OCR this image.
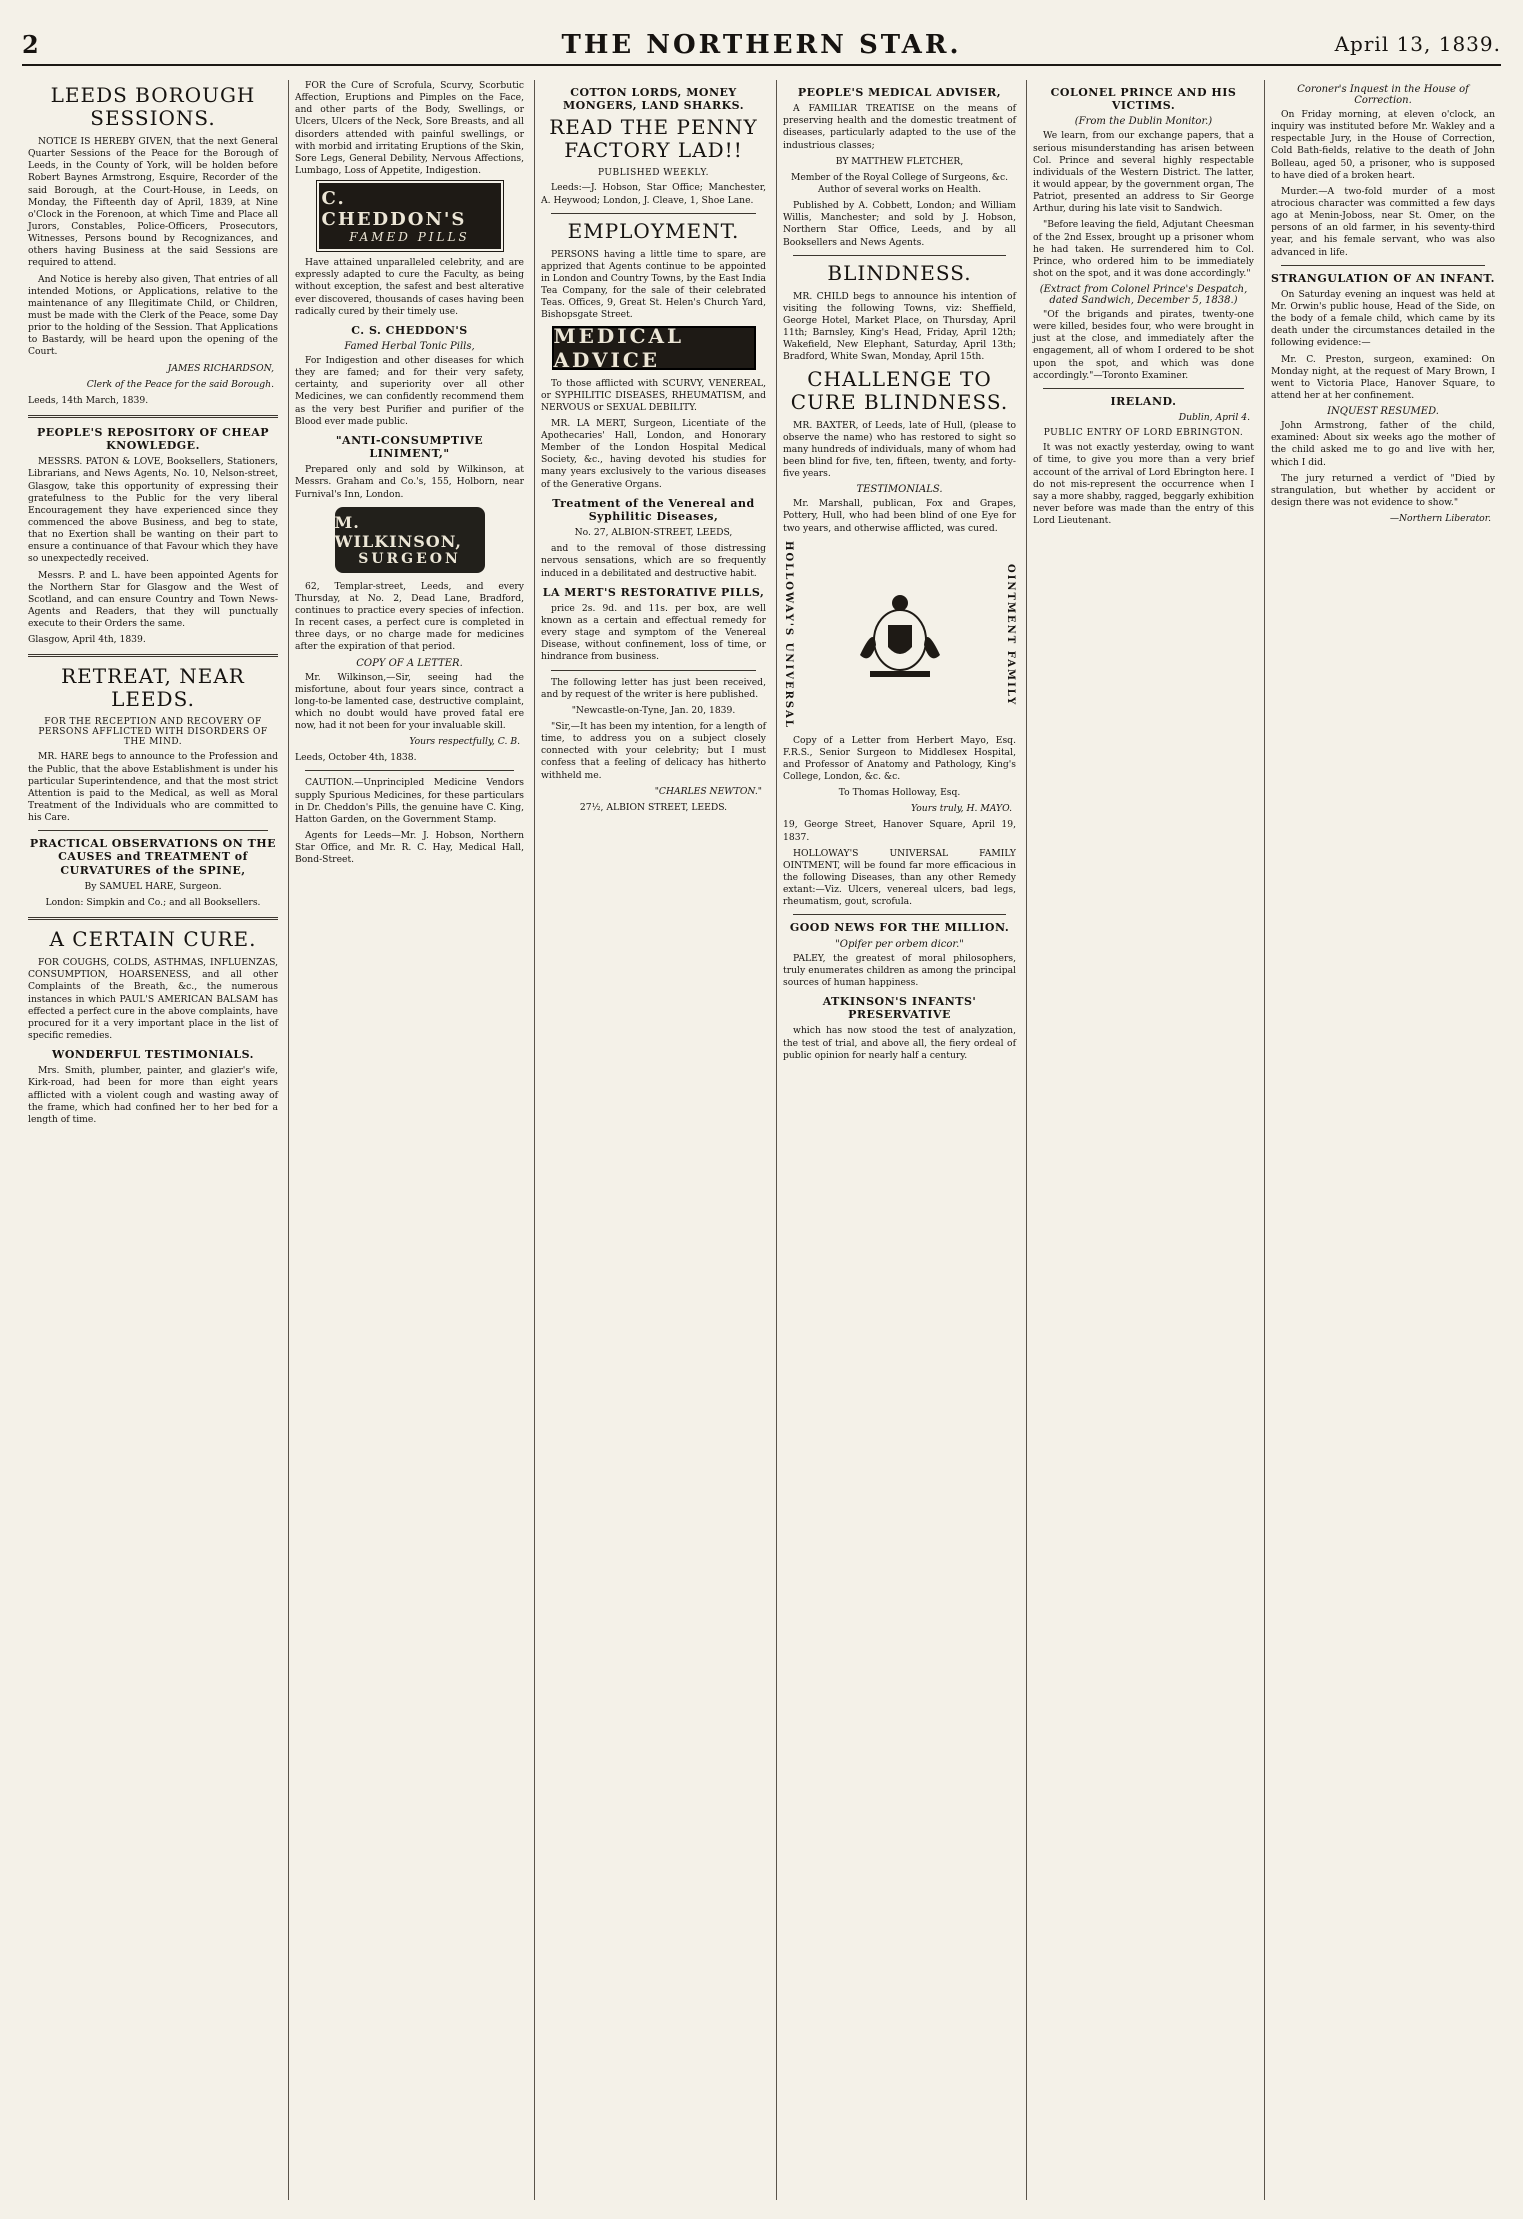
2	THE NORTHERN STAR.	April 13, 1839.
LEEDS BOROUGH SESSIONS.

NOTICE IS HEREBY GIVEN, that the next General Quarter Sessions of the Peace for the Borough of Leeds, in the County of York, will be holden before Robert Baynes Armstrong, Esquire, Recorder of the said Borough, at the Court-House, in Leeds, on Monday, the Fifteenth day of April, 1839, at Nine o'Clock in the Forenoon, at which Time and Place all Jurors, Constables, Police-Officers, Prosecutors, Witnesses, Persons bound by Recognizances, and others having Business at the said Sessions are required to attend.

And Notice is hereby also given, That entries of all intended Motions, or Applications, relative to the maintenance of any Illegitimate Child, or Children, must be made with the Clerk of the Peace, some Day prior to the holding of the Session. That Applications to Bastardy, will be heard upon the opening of the Court.

JAMES RICHARDSON,

Clerk of the Peace for the said Borough.

Leeds, 14th March, 1839.

PEOPLE'S REPOSITORY OF CHEAP KNOWLEDGE.

MESSRS. PATON & LOVE, Booksellers, Stationers, Librarians, and News Agents, No. 10, Nelson-street, Glasgow, take this opportunity of expressing their gratefulness to the Public for the very liberal Encouragement they have experienced since they commenced the above Business, and beg to state, that no Exertion shall be wanting on their part to ensure a continuance of that Favour which they have so unexpectedly received.

Messrs. P. and L. have been appointed Agents for the Northern Star for Glasgow and the West of Scotland, and can ensure Country and Town News-Agents and Readers, that they will punctually execute to their Orders the same.

Glasgow, April 4th, 1839.

RETREAT, NEAR LEEDS.
FOR THE RECEPTION AND RECOVERY OF PERSONS AFFLICTED WITH DISORDERS OF THE MIND.

MR. HARE begs to announce to the Profession and the Public, that the above Establishment is under his particular Superintendence, and that the most strict Attention is paid to the Medical, as well as Moral Treatment of the Individuals who are committed to his Care.

PRACTICAL OBSERVATIONS ON THE CAUSES and TREATMENT of CURVATURES of the SPINE,

By SAMUEL HARE, Surgeon.

London: Simpkin and Co.; and all Booksellers.

A CERTAIN CURE.

FOR COUGHS, COLDS, ASTHMAS, INFLUENZAS, CONSUMPTION, HOARSENESS, and all other Complaints of the Breath, &c., the numerous instances in which PAUL'S AMERICAN BALSAM has effected a perfect cure in the above complaints, have procured for it a very important place in the list of specific remedies.

WONDERFUL TESTIMONIALS.

Mrs. Smith, plumber, painter, and glazier's wife, Kirk-road, had been for more than eight years afflicted with a violent cough and wasting away of the frame, which had confined her to her bed for a length of time.

FOR the Cure of Scrofula, Scurvy, Scorbutic Affection, Eruptions and Pimples on the Face, and other parts of the Body, Swellings, or Ulcers, Ulcers of the Neck, Sore Breasts, and all disorders attended with painful swellings, or with morbid and irritating Eruptions of the Skin, Sore Legs, General Debility, Nervous Affections, Lumbago, Loss of Appetite, Indigestion.

C. CHEDDON'S
FAMED PILLS

Have attained unparalleled celebrity, and are expressly adapted to cure the Faculty, as being without exception, the safest and best alterative ever discovered, thousands of cases having been radically cured by their timely use.

C. S. CHEDDON'S
Famed Herbal Tonic Pills,

For Indigestion and other diseases for which they are famed; and for their very safety, certainty, and superiority over all other Medicines, we can confidently recommend them as the very best Purifier and purifier of the Blood ever made public.

"ANTI-CONSUMPTIVE LINIMENT,"

Prepared only and sold by Wilkinson, at Messrs. Graham and Co.'s, 155, Holborn, near Furnival's Inn, London.

M. WILKINSON,
SURGEON

62, Templar-street, Leeds, and every Thursday, at No. 2, Dead Lane, Bradford, continues to practice every species of infection. In recent cases, a perfect cure is completed in three days, or no charge made for medicines after the expiration of that period.

COPY OF A LETTER.

Mr. Wilkinson,—Sir, seeing had the misfortune, about four years since, contract a long-to-be lamented case, destructive complaint, which no doubt would have proved fatal ere now, had it not been for your invaluable skill.

Yours respectfully, C. B.

Leeds, October 4th, 1838.

CAUTION.—Unprincipled Medicine Vendors supply Spurious Medicines, for these particulars in Dr. Cheddon's Pills, the genuine have C. King, Hatton Garden, on the Government Stamp.

Agents for Leeds—Mr. J. Hobson, Northern Star Office, and Mr. R. C. Hay, Medical Hall, Bond-Street.

COTTON LORDS, MONEY MONGERS, LAND SHARKS.
READ THE PENNY FACTORY LAD!!
PUBLISHED WEEKLY.

Leeds:—J. Hobson, Star Office; Manchester, A. Heywood; London, J. Cleave, 1, Shoe Lane.

EMPLOYMENT.

PERSONS having a little time to spare, are apprized that Agents continue to be appointed in London and Country Towns, by the East India Tea Company, for the sale of their celebrated Teas. Offices, 9, Great St. Helen's Church Yard, Bishopsgate Street.

MEDICAL ADVICE

To those afflicted with SCURVY, VENEREAL, or SYPHILITIC DISEASES, RHEUMATISM, and NERVOUS or SEXUAL DEBILITY.

MR. LA MERT, Surgeon, Licentiate of the Apothecaries' Hall, London, and Honorary Member of the London Hospital Medical Society, &c., having devoted his studies for many years exclusively to the various diseases of the Generative Organs.

Treatment of the Venereal and Syphilitic Diseases,

No. 27, ALBION-STREET, LEEDS,

and to the removal of those distressing nervous sensations, which are so frequently induced in a debilitated and destructive habit.

LA MERT'S RESTORATIVE PILLS,

price 2s. 9d. and 11s. per box, are well known as a certain and effectual remedy for every stage and symptom of the Venereal Disease, without confinement, loss of time, or hindrance from business.

The following letter has just been received, and by request of the writer is here published.

"Newcastle-on-Tyne, Jan. 20, 1839.

"Sir,—It has been my intention, for a length of time, to address you on a subject closely connected with your celebrity; but I must confess that a feeling of delicacy has hitherto withheld me.

"CHARLES NEWTON."

27½, ALBION STREET, LEEDS.

PEOPLE'S MEDICAL ADVISER,

A FAMILIAR TREATISE on the means of preserving health and the domestic treatment of diseases, particularly adapted to the use of the industrious classes;

BY MATTHEW FLETCHER,

Member of the Royal College of Surgeons, &c. Author of several works on Health.

Published by A. Cobbett, London; and William Willis, Manchester; and sold by J. Hobson, Northern Star Office, Leeds, and by all Booksellers and News Agents.

BLINDNESS.

MR. CHILD begs to announce his intention of visiting the following Towns, viz: Sheffield, George Hotel, Market Place, on Thursday, April 11th; Barnsley, King's Head, Friday, April 12th; Wakefield, New Elephant, Saturday, April 13th; Bradford, White Swan, Monday, April 15th.

CHALLENGE TO CURE BLINDNESS.

MR. BAXTER, of Leeds, late of Hull, (please to observe the name) who has restored to sight so many hundreds of individuals, many of whom had been blind for five, ten, fifteen, twenty, and forty-five years.

TESTIMONIALS.

Mr. Marshall, publican, Fox and Grapes, Pottery, Hull, who had been blind of one Eye for two years, and otherwise afflicted, was cured.

HOLLOWAY'S UNIVERSAL	OINTMENT FAMILY

Copy of a Letter from Herbert Mayo, Esq. F.R.S., Senior Surgeon to Middlesex Hospital, and Professor of Anatomy and Pathology, King's College, London, &c. &c.

To Thomas Holloway, Esq.

Yours truly, H. MAYO.

19, George Street, Hanover Square, April 19, 1837.

HOLLOWAY'S UNIVERSAL FAMILY OINTMENT, will be found far more efficacious in the following Diseases, than any other Remedy extant:—Viz. Ulcers, venereal ulcers, bad legs, rheumatism, gout, scrofula.

GOOD NEWS FOR THE MILLION.
"Opifer per orbem dicor."

PALEY, the greatest of moral philosophers, truly enumerates children as among the principal sources of human happiness.

ATKINSON'S INFANTS' PRESERVATIVE

which has now stood the test of analyzation, the test of trial, and above all, the fiery ordeal of public opinion for nearly half a century.

COLONEL PRINCE AND HIS VICTIMS.
(From the Dublin Monitor.)

We learn, from our exchange papers, that a serious misunderstanding has arisen between Col. Prince and several highly respectable individuals of the Western District. The latter, it would appear, by the government organ, The Patriot, presented an address to Sir George Arthur, during his late visit to Sandwich.

"Before leaving the field, Adjutant Cheesman of the 2nd Essex, brought up a prisoner whom he had taken. He surrendered him to Col. Prince, who ordered him to be immediately shot on the spot, and it was done accordingly."

(Extract from Colonel Prince's Despatch, dated Sandwich, December 5, 1838.)

"Of the brigands and pirates, twenty-one were killed, besides four, who were brought in just at the close, and immediately after the engagement, all of whom I ordered to be shot upon the spot, and which was done accordingly."—Toronto Examiner.

IRELAND.

Dublin, April 4.

PUBLIC ENTRY OF LORD EBRINGTON.

It was not exactly yesterday, owing to want of time, to give you more than a very brief account of the arrival of Lord Ebrington here. I do not mis-represent the occurrence when I say a more shabby, ragged, beggarly exhibition never before was made than the entry of this Lord Lieutenant.

Coroner's Inquest in the House of Correction.

On Friday morning, at eleven o'clock, an inquiry was instituted before Mr. Wakley and a respectable Jury, in the House of Correction, Cold Bath-fields, relative to the death of John Bolleau, aged 50, a prisoner, who is supposed to have died of a broken heart.

Murder.—A two-fold murder of a most atrocious character was committed a few days ago at Menin-Joboss, near St. Omer, on the persons of an old farmer, in his seventy-third year, and his female servant, who was also advanced in life.

STRANGULATION OF AN INFANT.

On Saturday evening an inquest was held at Mr. Orwin's public house, Head of the Side, on the body of a female child, which came by its death under the circumstances detailed in the following evidence:—

Mr. C. Preston, surgeon, examined: On Monday night, at the request of Mary Brown, I went to Victoria Place, Hanover Square, to attend her at her confinement.

INQUEST RESUMED.

John Armstrong, father of the child, examined: About six weeks ago the mother of the child asked me to go and live with her, which I did.

The jury returned a verdict of "Died by strangulation, but whether by accident or design there was not evidence to show."

—Northern Liberator.
